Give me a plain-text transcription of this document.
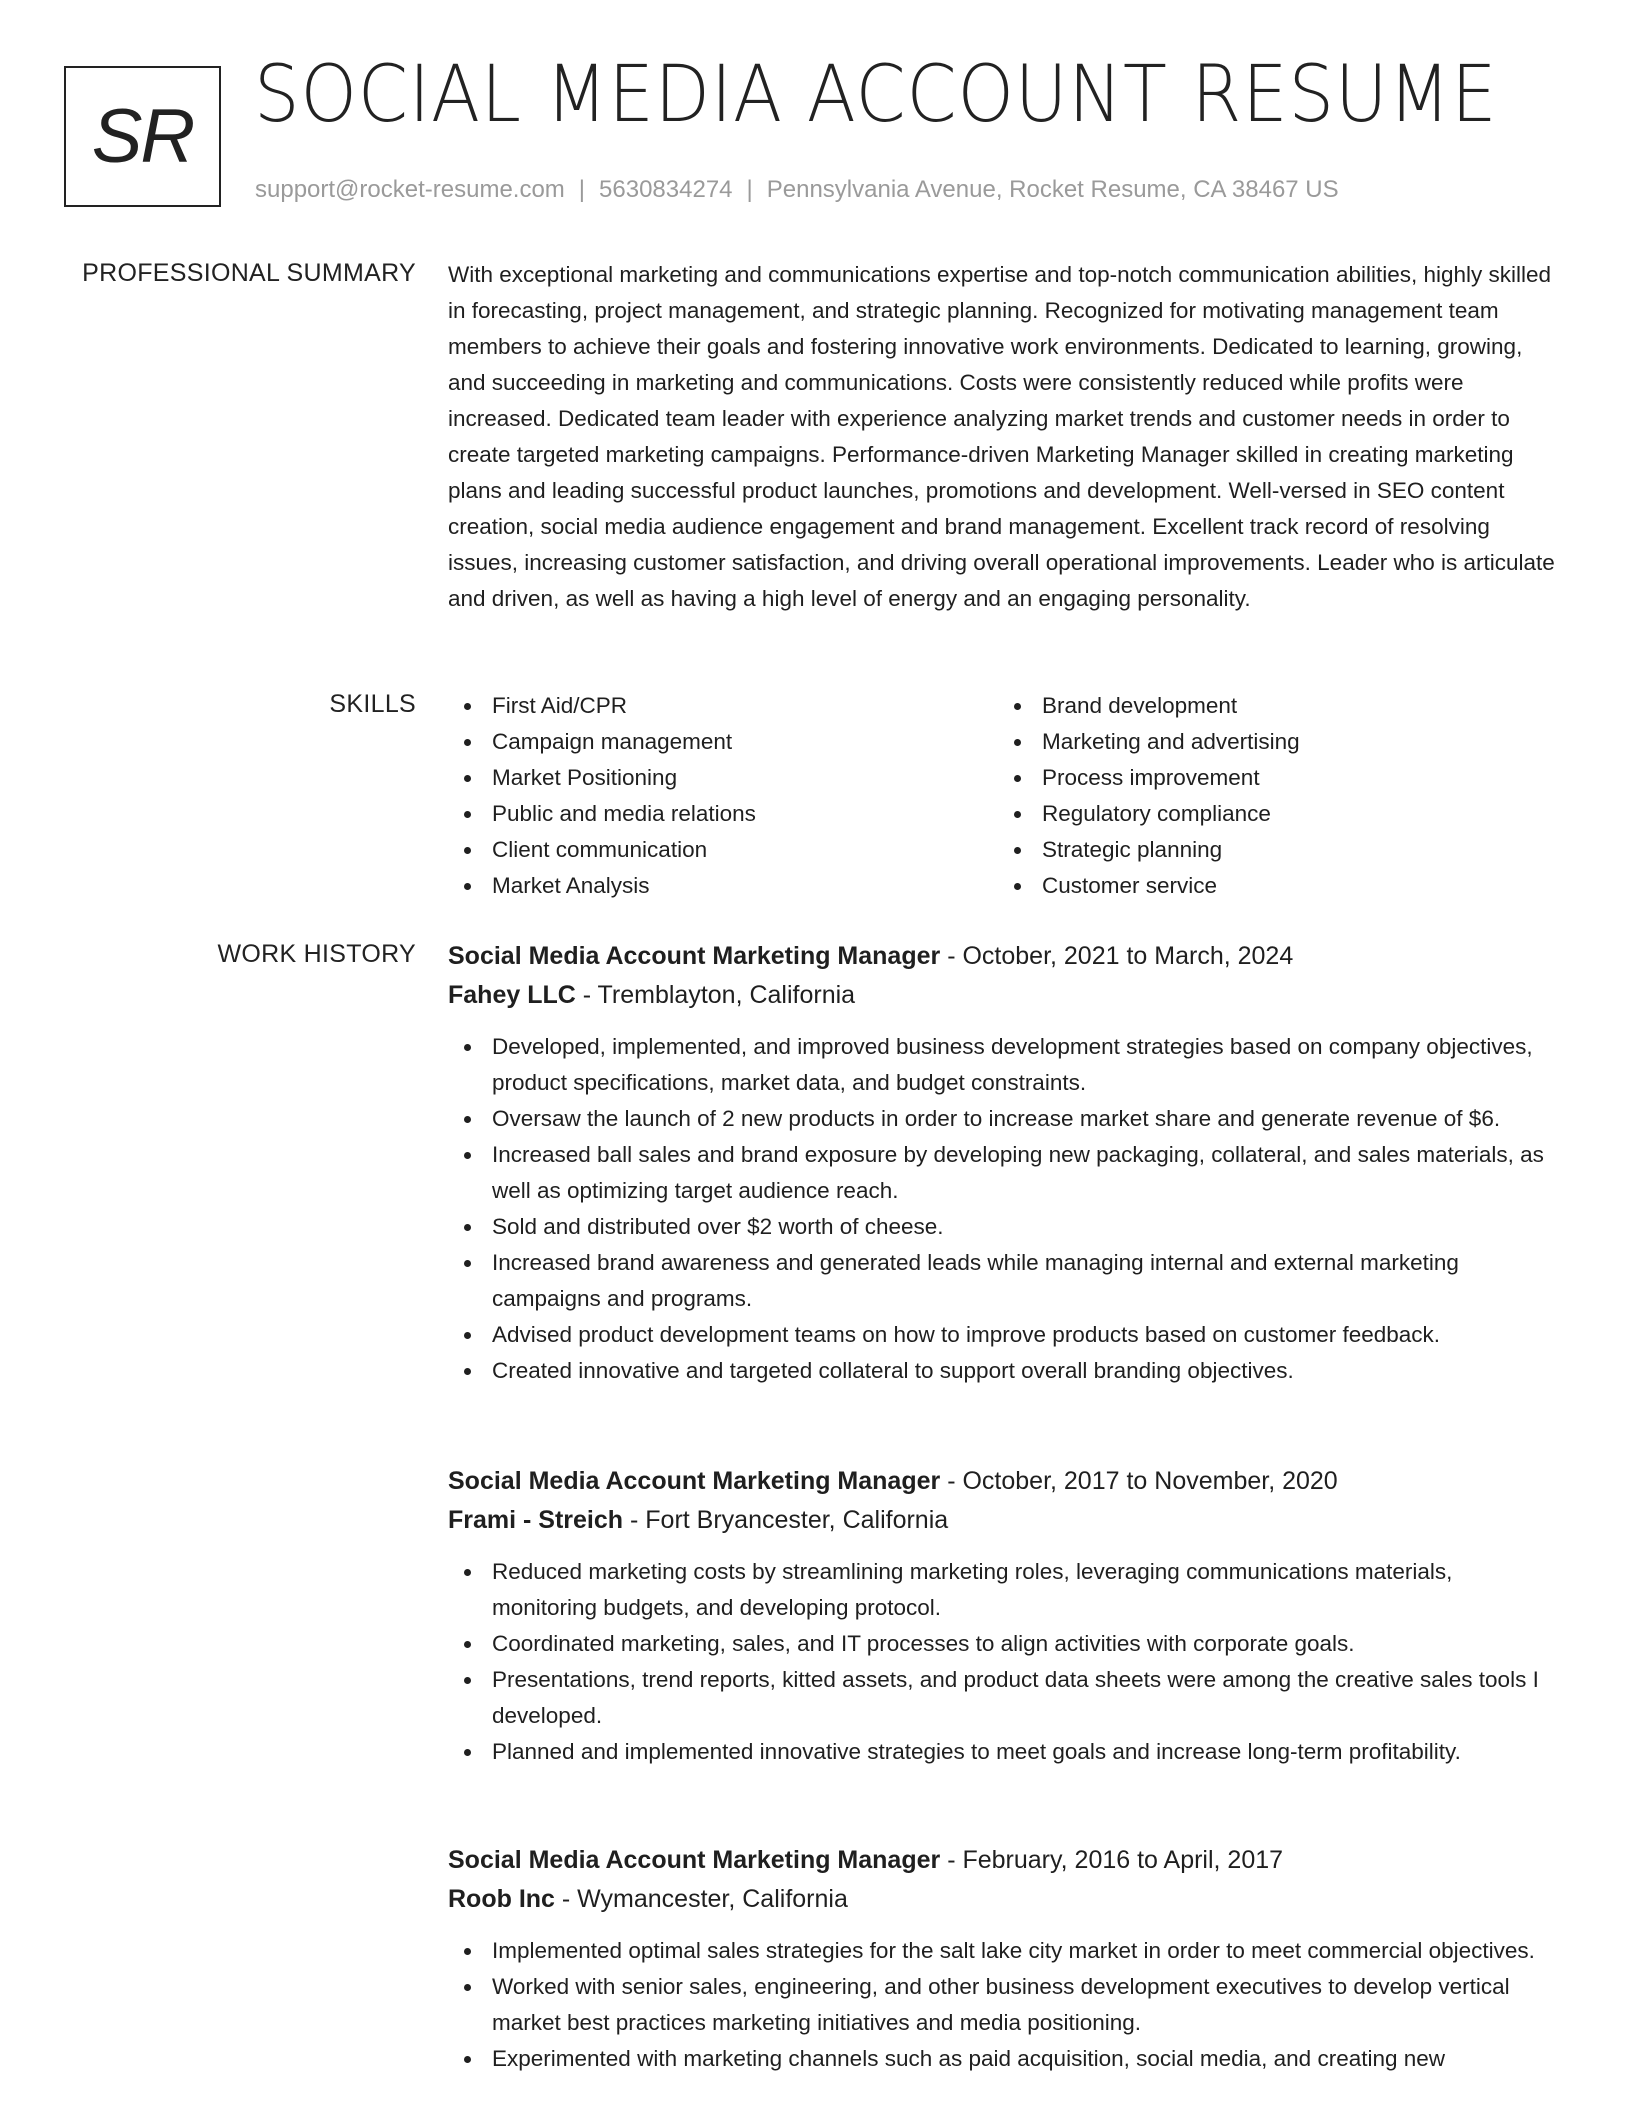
SR SOCIAL MEDIA ACCOUNT RESUME
support@rocket-resume.com | 5630834274 | Pennsylvania Avenue, Rocket Resume, CA 38467 US
PROFESSIONAL SUMMARY With exceptional marketing and communications expertise and top-notch communication abilities, highly skilled in forecasting, project management, and strategic planning. Recognized for motivating management team members to achieve their goals and fostering innovative work environments. Dedicated to learning, growing, and succeeding in marketing and communications. Costs were consistently reduced while profits were increased. Dedicated team leader with experience analyzing market trends and customer needs in order to create targeted marketing campaigns. Performance-driven Marketing Manager skilled in creating marketing plans and leading successful product launches, promotions and development. Well-versed in SEO content creation, social media audience engagement and brand management. Excellent track record of resolving issues, increasing customer satisfaction, and driving overall operational improvements. Leader who is articulate and driven, as well as having a high level of energy and an engaging personality.

SKILLS	First Aid/CPR
Campaign management
Market Positioning
Public and media relations
Client communication
Market Analysis
Brand development
Marketing and advertising
Process improvement
Regulatory compliance
Strategic planning
Customer service
WORK HISTORY Social Media Account Marketing Manager - October, 2021 to March, 2024
Fahey LLC - Tremblayton, California
Developed, implemented, and improved business development strategies based on company objectives, product specifications, market data, and budget constraints.
Oversaw the launch of 2 new products in order to increase market share and generate revenue of $6.
Increased ball sales and brand exposure by developing new packaging, collateral, and sales materials, as well as optimizing target audience reach.
Sold and distributed over $2 worth of cheese.
Increased brand awareness and generated leads while managing internal and external marketing campaigns and programs.
Advised product development teams on how to improve products based on customer feedback.
Created innovative and targeted collateral to support overall branding objectives.
Social Media Account Marketing Manager - October, 2017 to November, 2020
Frami - Streich - Fort Bryancester, California
Reduced marketing costs by streamlining marketing roles, leveraging communications materials, monitoring budgets, and developing protocol.
Coordinated marketing, sales, and IT processes to align activities with corporate goals.
Presentations, trend reports, kitted assets, and product data sheets were among the creative sales tools I developed.
Planned and implemented innovative strategies to meet goals and increase long-term profitability.
Social Media Account Marketing Manager - February, 2016 to April, 2017
Roob Inc - Wymancester, California
Implemented optimal sales strategies for the salt lake city market in order to meet commercial objectives.
Worked with senior sales, engineering, and other business development executives to develop vertical market best practices marketing initiatives and media positioning.
Experimented with marketing channels such as paid acquisition, social media, and creating new
